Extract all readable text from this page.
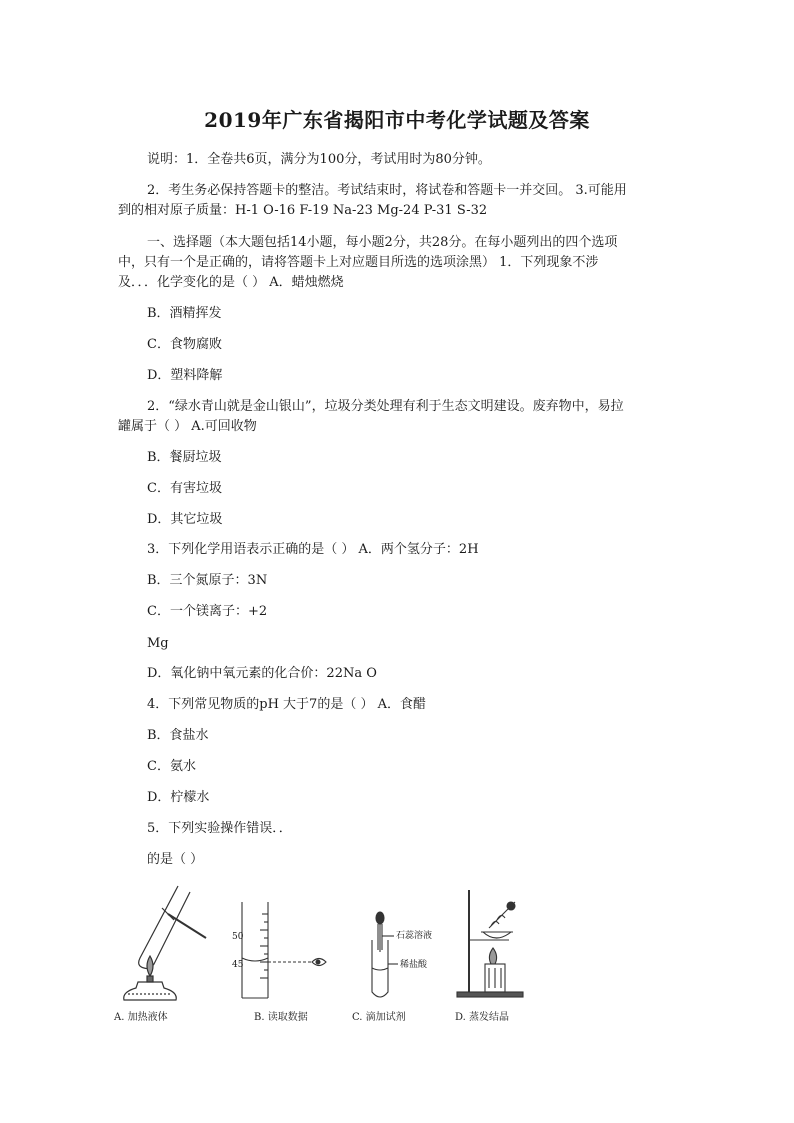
2019年广东省揭阳市中考化学试题及答案
说明：1．全卷共6页，满分为100分，考试用时为80分钟。
2．考生务必保持答题卡的整洁。考试结束时，将试卷和答题卡一并交回。 3.可能用
到的相对原子质量：H-1 O-16 F-19 Na-23 Mg-24 P-31 S-32
一、选择题（本大题包括14小题，每小题2分，共28分。在每小题列出的四个选项
中，只有一个是正确的，请将答题卡上对应题目所选的选项涂黑） 1．下列现象不涉
及．．．化学变化的是（ ） A．蜡烛燃烧
B．酒精挥发
C．食物腐败
D．塑料降解
2．“绿水青山就是金山银山”，垃圾分类处理有利于生态文明建设。废弃物中，易拉
罐属于（ ） A.可回收物
B．餐厨垃圾
C．有害垃圾
D．其它垃圾
3．下列化学用语表示正确的是（ ） A．两个氢分子：2H
B．三个氮原子：3N
C．一个镁离子：+2
Mg
D．氧化钠中氧元素的化合价：22Na O
4．下列常见物质的pH 大于7的是（ ） A．食醋
B．食盐水
C．氨水
D．柠檬水
5．下列实验操作错误．．
的是（ ）
A. 加热液体
50
45
B. 读取数据
石蕊溶液
稀盐酸
C. 滴加试剂	D. 蒸发结晶
